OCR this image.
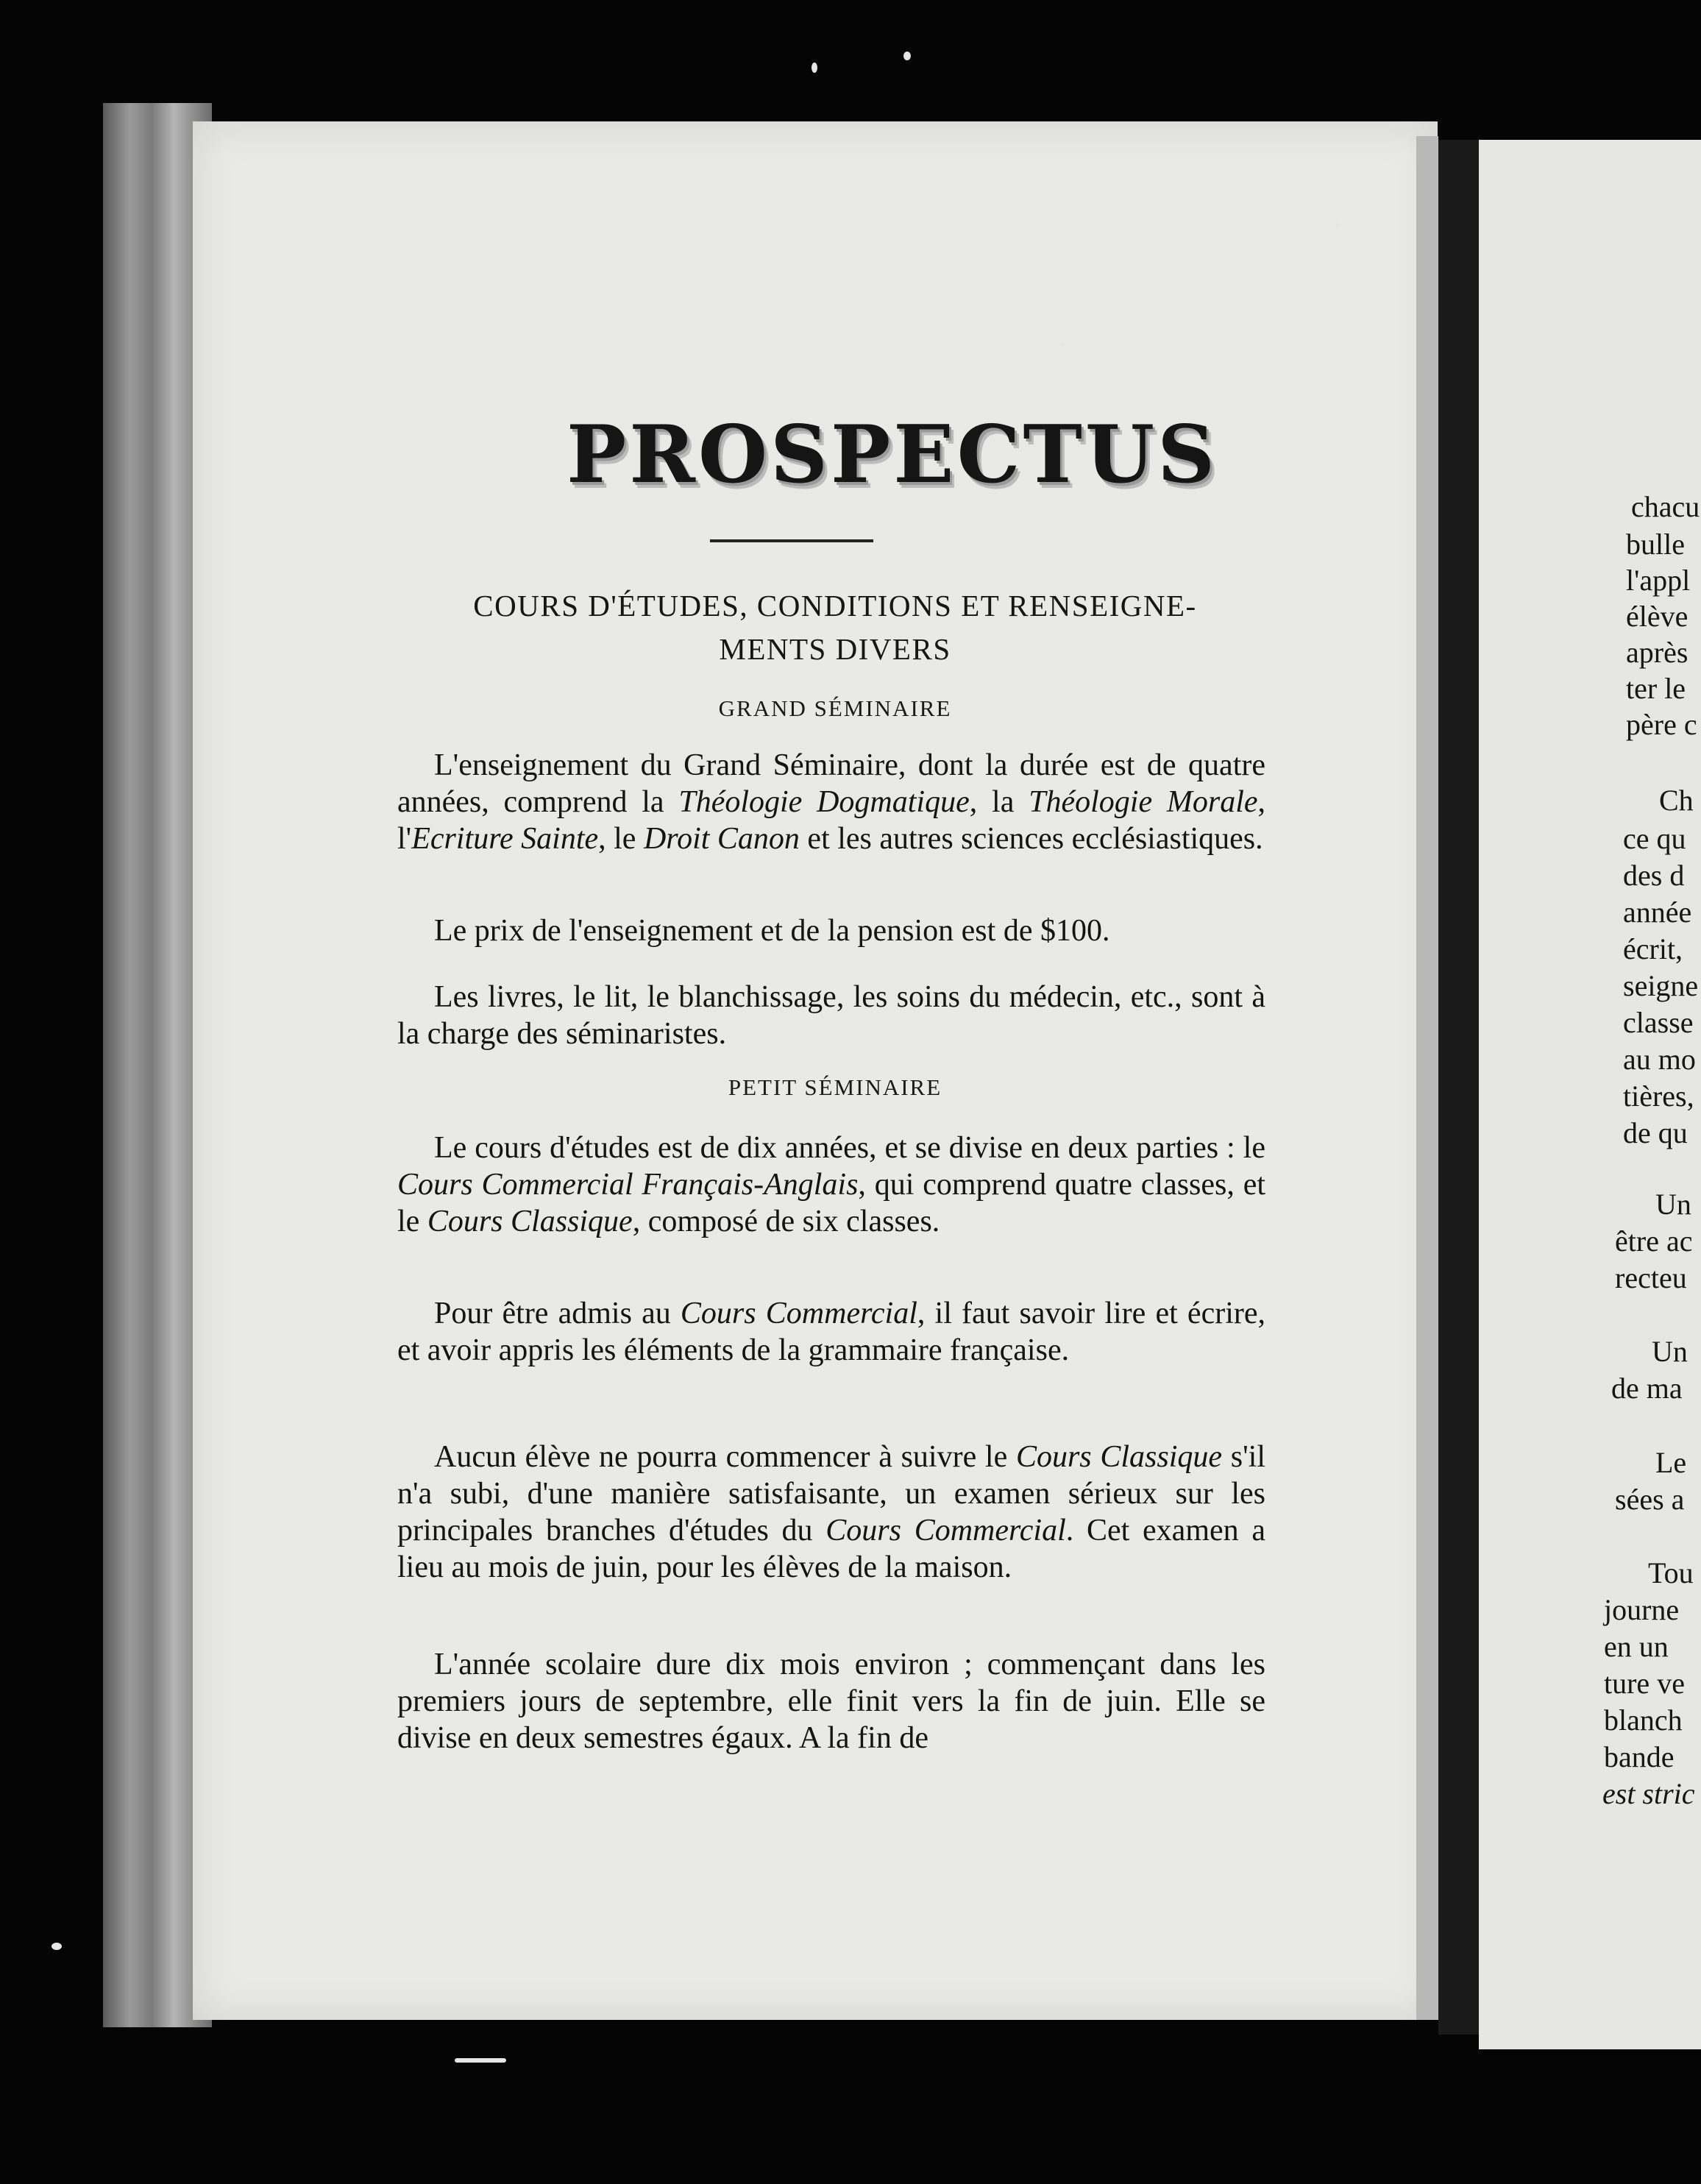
PROSPECTUS
COURS D'ÉTUDES, CONDITIONS ET RENSEIGNE-
MENTS DIVERS
GRAND SÉMINAIRE

L'enseignement du Grand Séminaire, dont la durée est de quatre années, comprend la Théologie Dogmatique, la Théologie Morale, l'Ecriture Sainte, le Droit Canon et les autres sciences ecclésiastiques.

Le prix de l'enseignement et de la pension est de $100.

Les livres, le lit, le blanchissage, les soins du médecin, etc., sont à la charge des séminaristes.

PETIT SÉMINAIRE

Le cours d'études est de dix années, et se divise en deux parties : le Cours Commercial Français-Anglais, qui comprend quatre classes, et le Cours Classique, composé de six classes.

Pour être admis au Cours Commercial, il faut savoir lire et écrire, et avoir appris les éléments de la grammaire française.

Aucun élève ne pourra commencer à suivre le Cours Classique s'il n'a subi, d'une manière satisfaisante, un examen sérieux sur les principales branches d'études du Cours Commercial. Cet examen a lieu au mois de juin, pour les élèves de la maison.

L'année scolaire dure dix mois environ ; commençant dans les premiers jours de septembre, elle finit vers la fin de juin. Elle se divise en deux semestres égaux. A la fin de

chacu
bulle
l'appl
élève
après
ter le
père c
Ch
ce qu
des d
année
écrit,
seigne
classe
au mo
tières,
de qu
Un
être ac
recteu
Un
de ma
Le
sées a
Tou
journe
en un
ture ve
blanch
bande
est stric
